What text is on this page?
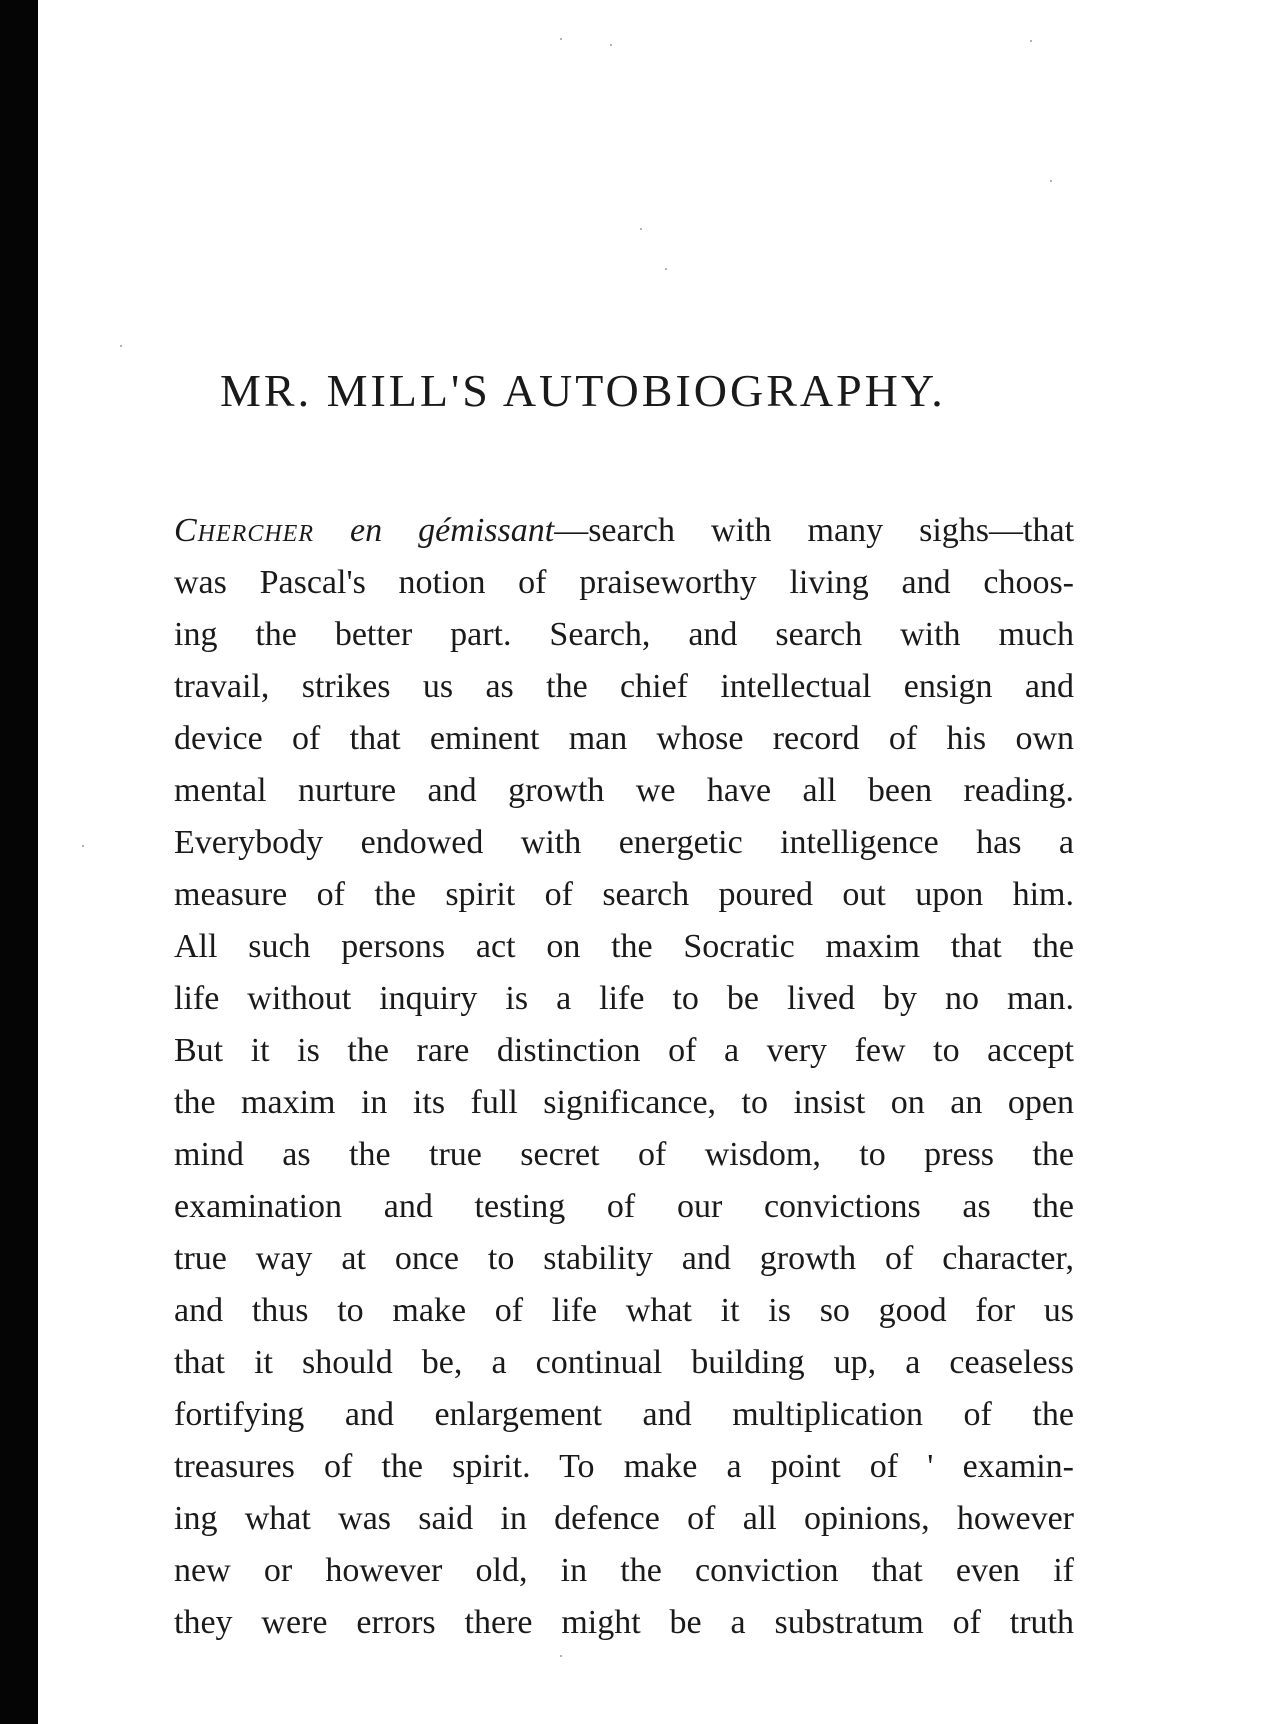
MR. MILL'S AUTOBIOGRAPHY.
Chercher en gémissant—search with many sighs—that
was Pascal's notion of praiseworthy living and choos-
ing the better part. Search, and search with much
travail, strikes us as the chief intellectual ensign and
device of that eminent man whose record of his own
mental nurture and growth we have all been reading.
Everybody endowed with energetic intelligence has a
measure of the spirit of search poured out upon him.
All such persons act on the Socratic maxim that the
life without inquiry is a life to be lived by no man.
But it is the rare distinction of a very few to accept
the maxim in its full significance, to insist on an open
mind as the true secret of wisdom, to press the
examination and testing of our convictions as the
true way at once to stability and growth of character,
and thus to make of life what it is so good for us
that it should be, a continual building up, a ceaseless
fortifying and enlargement and multiplication of the
treasures of the spirit. To make a point of ' examin-
ing what was said in defence of all opinions, however
new or however old, in the conviction that even if
they were errors there might be a substratum of truth
